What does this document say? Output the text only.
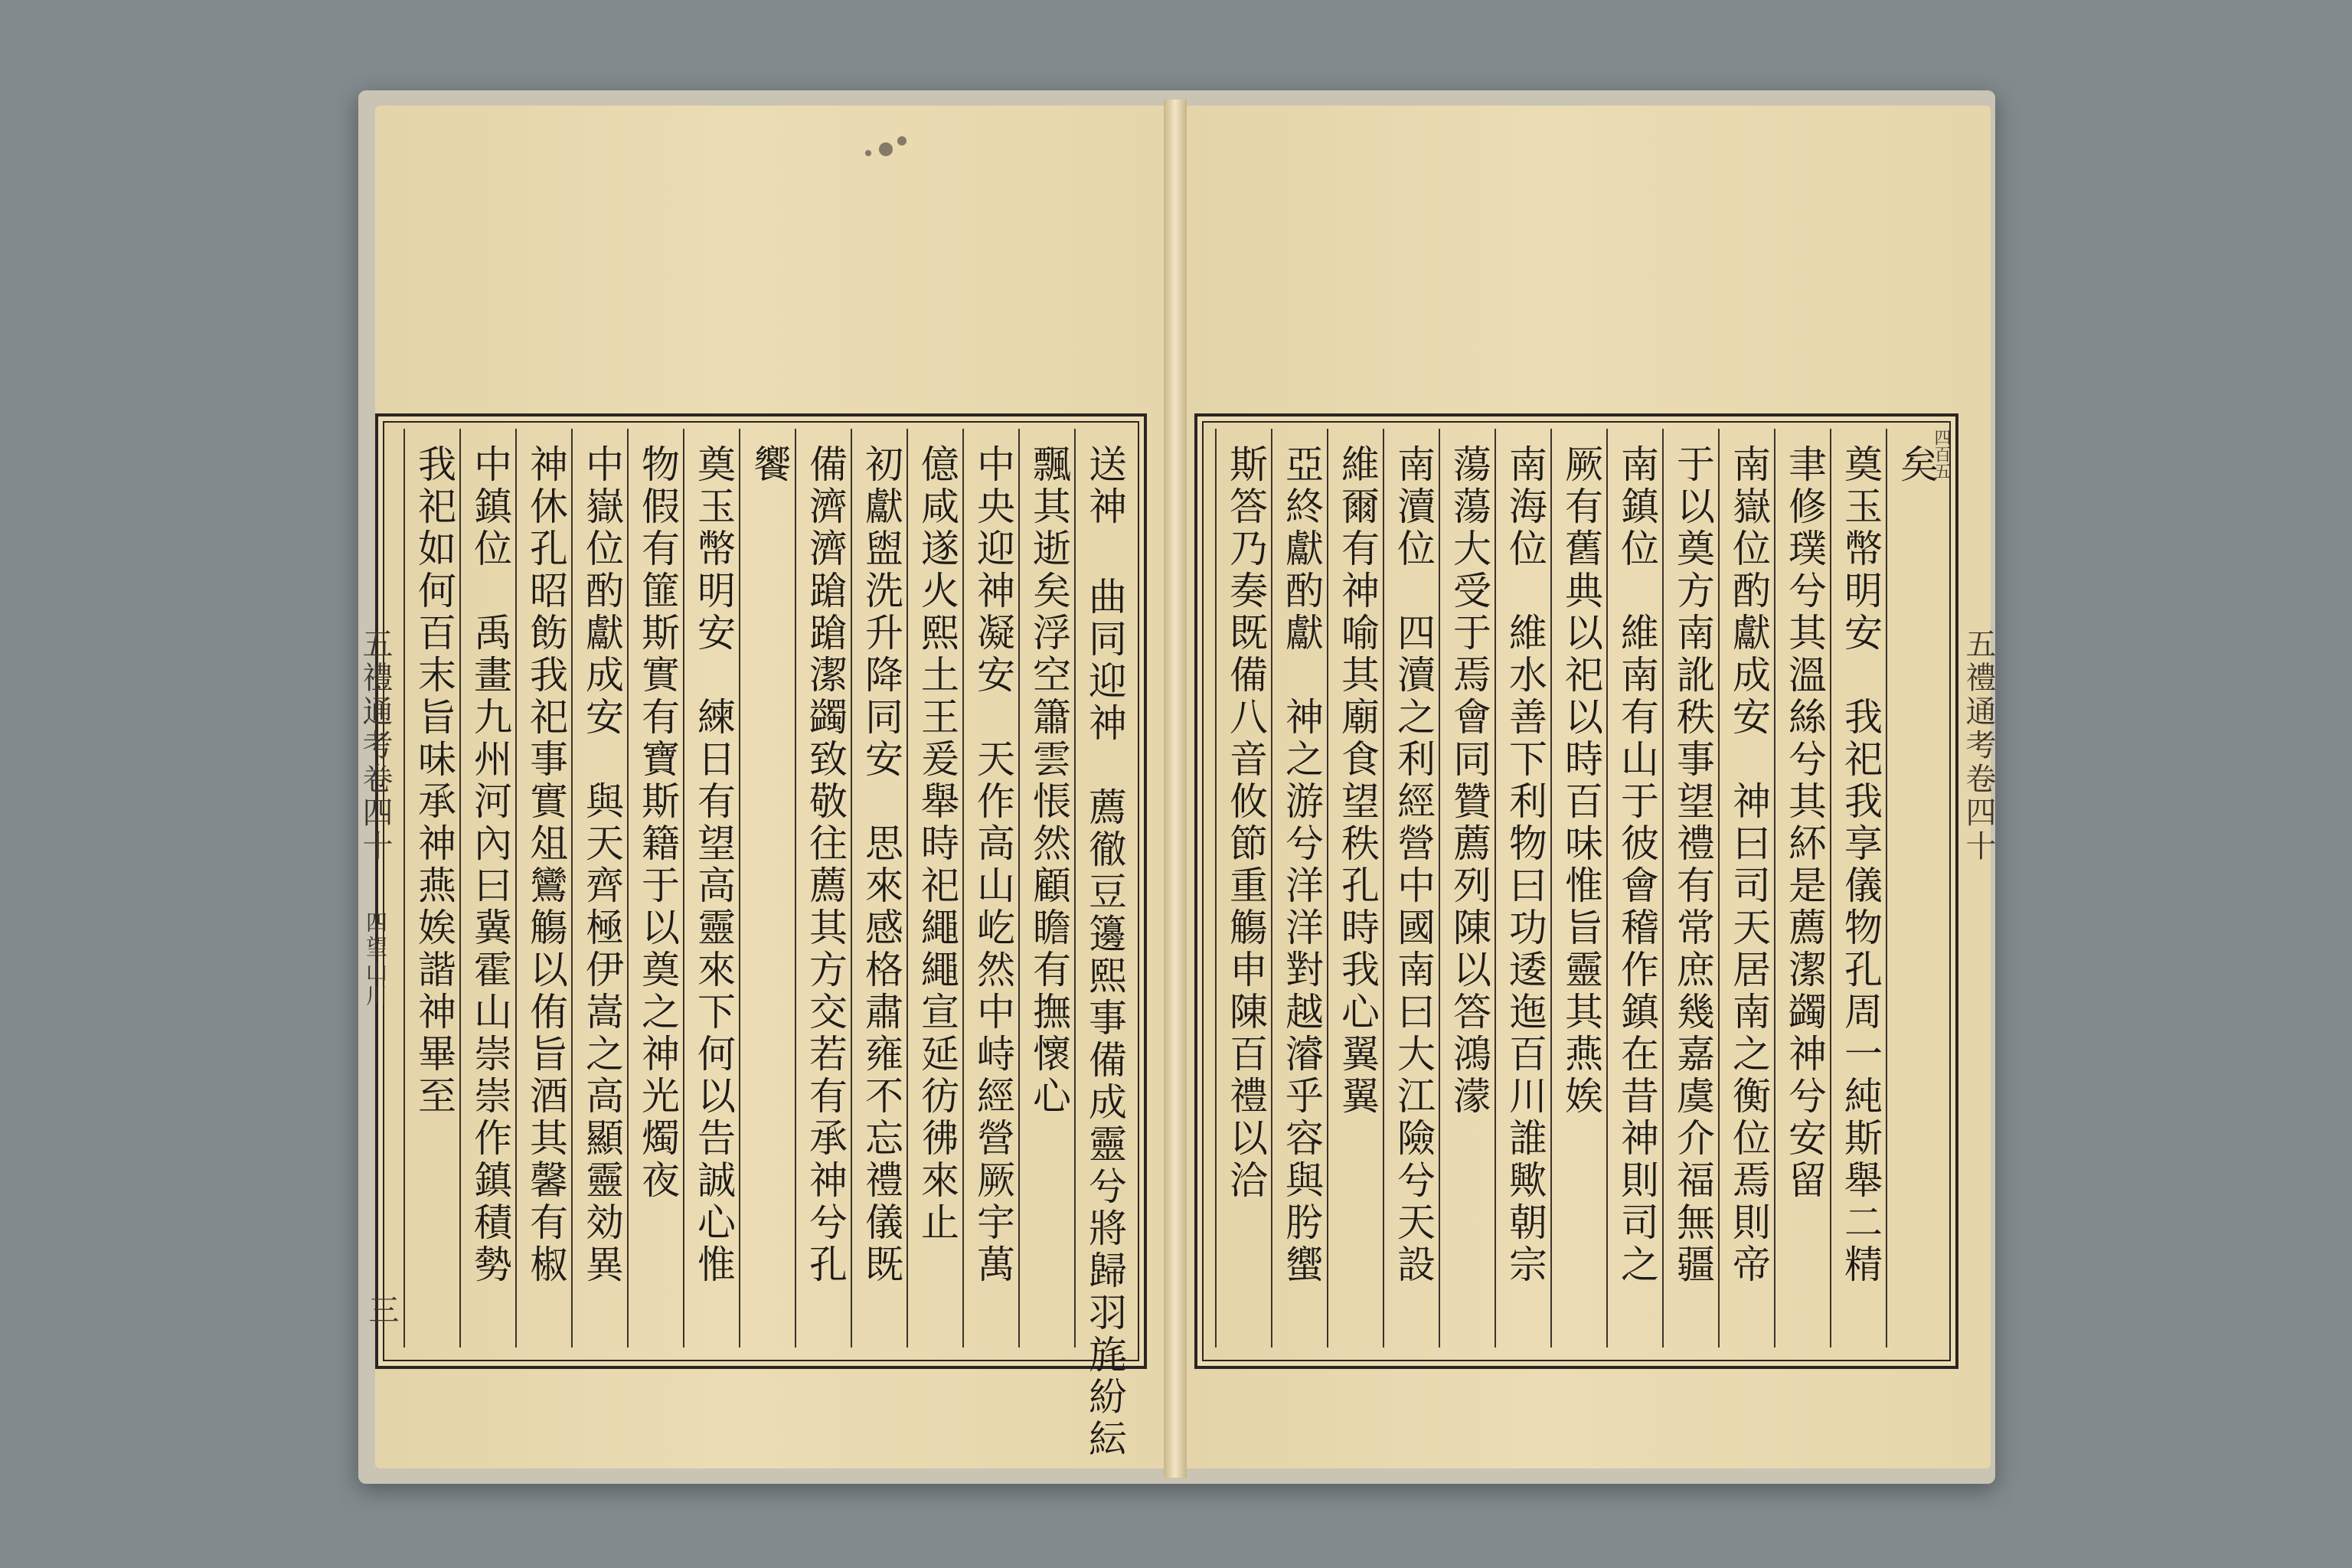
五禮通考卷四十
四望山川
三
五禮通考卷四十
四百五
送神 曲同迎神　薦徹豆籩熙事備成靈兮將歸羽旄紛紜
飄其逝矣浮空簫雲悵然顧瞻有撫懷心
中央迎神凝安　天作高山屹然中峙經營厥宇萬
億咸遂火熙土王爰舉時祀繩繩宣延彷彿來止
初獻盥洗升降同安　思來感格肅雍不忘禮儀既
備濟濟蹌蹌潔蠲致敬往薦其方交若有承神兮孔
饗
奠玉幣明安　練日有望高靈來下何以告誠心惟
物假有篚斯實有寶斯籍于以奠之神光燭夜
中嶽位酌獻成安　與天齊極伊嵩之高顯靈効異
神休孔昭飭我祀事實俎鸞觴以侑旨酒其馨有椒
中鎮位　禹畫九州河內曰冀霍山崇崇作鎮積勢
我祀如何百末旨味承神燕娭諧神畢至	矣
奠玉幣明安　我祀我享儀物孔周一純斯舉二精
聿修璞兮其溫絲兮其紑是薦潔蠲神兮安留
南嶽位酌獻成安　神曰司天居南之衡位焉則帝
于以奠方南訛秩事望禮有常庶幾嘉虞介福無疆
南鎮位　維南有山于彼會稽作鎮在昔神則司之
厥有舊典以祀以時百味惟旨靈其燕娭
南海位　維水善下利物曰功逶迤百川誰歟朝宗
蕩蕩大受于焉會同贊薦列陳以答鴻濛
南瀆位　四瀆之利經營中國南曰大江險兮天設
維爾有神喻其廟食望秩孔時我心翼翼
亞終獻酌獻　神之游兮洋洋對越濬乎容與肹蠁
斯答乃奏既備八音攸節重觴申陳百禮以洽
